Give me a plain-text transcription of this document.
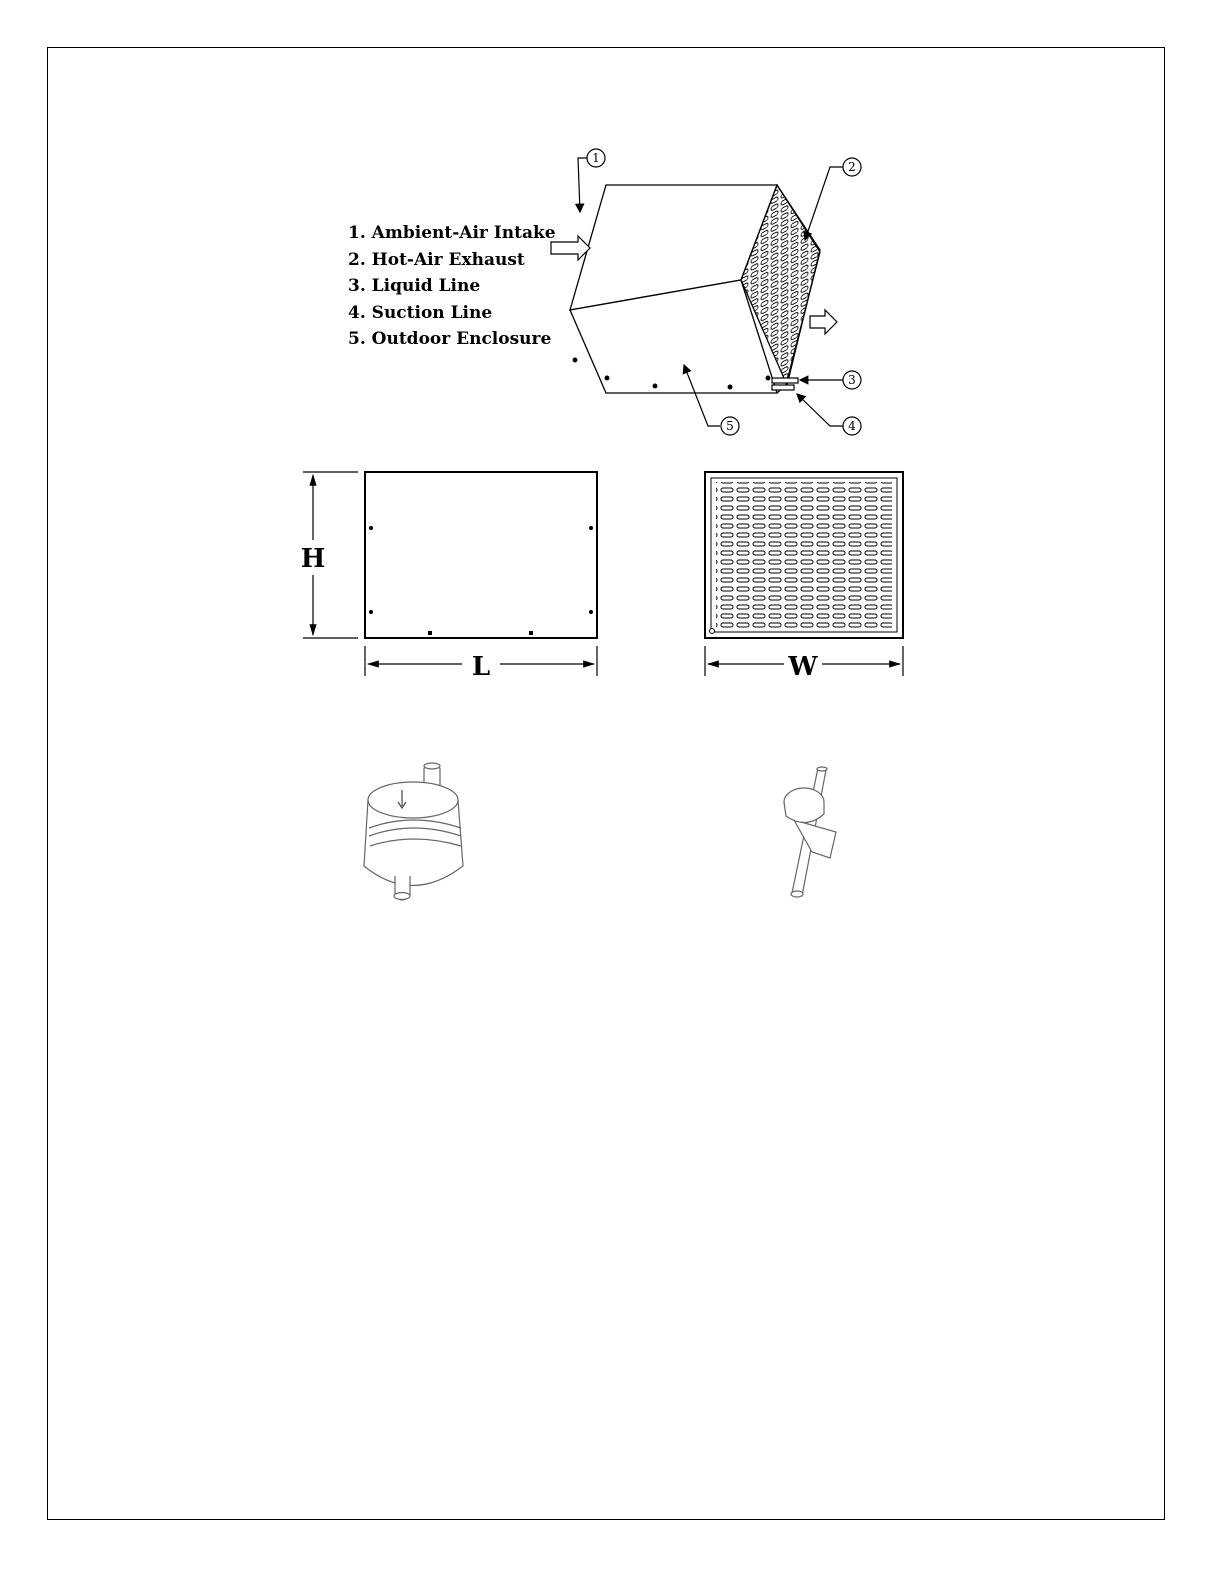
1. Ambient-Air Intake
2. Hot-Air Exhaust
3. Liquid Line
4. Suction Line
5. Outdoor Enclosure
1
2
3
4
5
H
L	W
